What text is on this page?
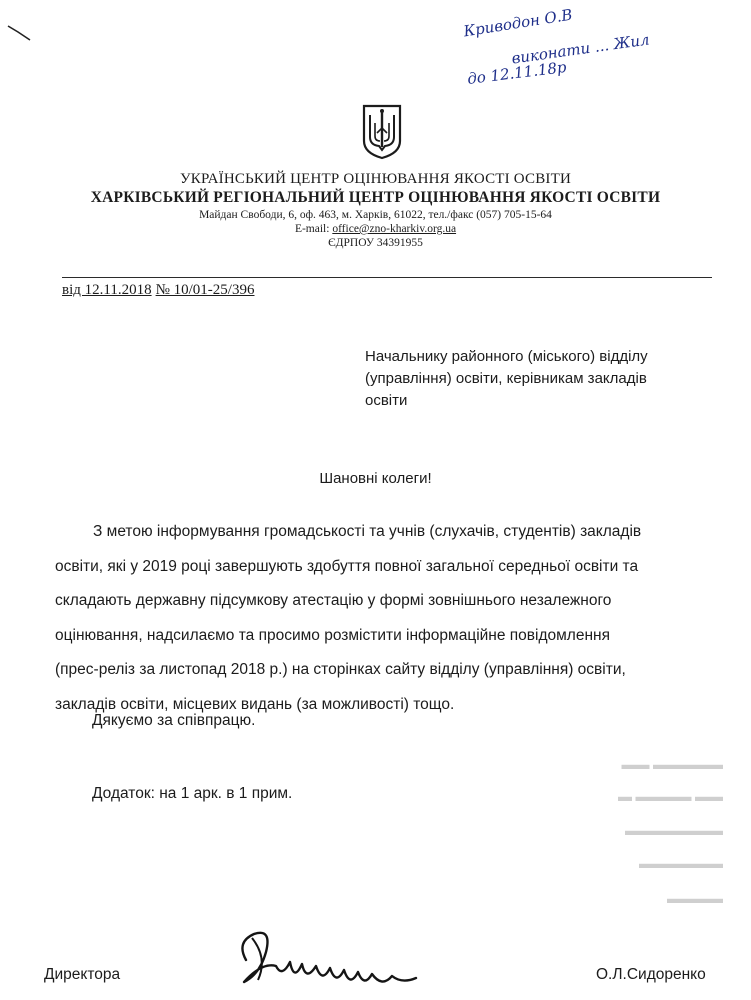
Криводон О.В
виконати ... Жил
до 12.11.18р
УКРАЇНСЬКИЙ ЦЕНТР ОЦІНЮВАННЯ ЯКОСТІ ОСВІТИ
ХАРКІВСЬКИЙ РЕГІОНАЛЬНИЙ ЦЕНТР ОЦІНЮВАННЯ ЯКОСТІ ОСВІТИ
Майдан Свободи, 6, оф. 463, м. Харків, 61022, тел./факс (057) 705-15-64
E-mail: office@zno-kharkiv.org.ua
ЄДРПОУ 34391955
від 12.11.2018 № 10/01-25/396
Начальнику районного (міського) відділу
(управління) освіти, керівникам закладів
освіти
Шановні колеги!
З метою інформування громадськості та учнів (слухачів, студентів) закладів
освіти, які у 2019 році завершують здобуття повної загальної середньої освіти та
складають державну підсумкову атестацію у формі зовнішнього незалежного
оцінювання, надсилаємо та просимо розмістити інформаційне повідомлення
(прес-реліз за листопад 2018 р.) на сторінках сайту відділу (управління) освіти,
закладів освіти, місцевих видань (за можливості) тощо.
Дякуємо за співпрацю.
Додаток: на 1 арк. в 1 прим.
▬▬ ▬▬▬▬▬
▬ ▬▬▬▬ ▬▬
▬▬▬▬▬▬▬
▬▬▬▬▬▬
▬▬▬▬
Директора	О.Л.Сидоренко
